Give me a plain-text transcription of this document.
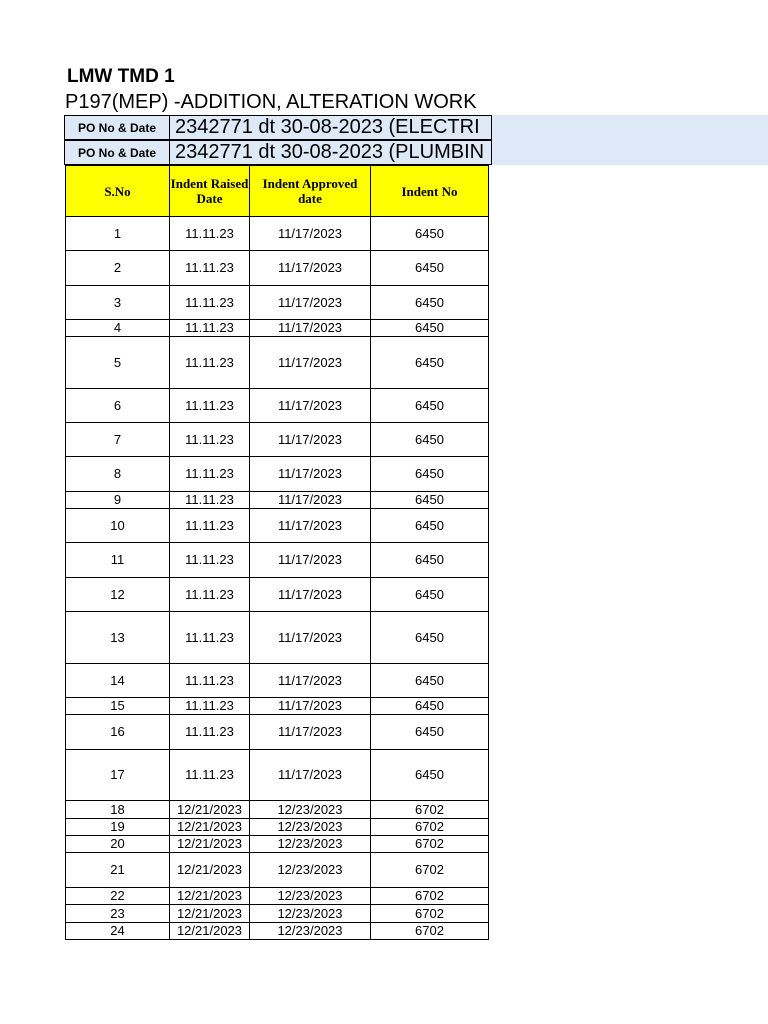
LMW TMD 1
P197(MEP) -ADDITION, ALTERATION WORK
PO No & Date 2342771 dt 30-08-2023 (ELECTRI
PO No & Date 2342771 dt 30-08-2023 (PLUMBIN
S.No	Indent Raised Date	Indent Approved date	Indent No
1	11.11.23	11/17/2023	6450
2	11.11.23	11/17/2023	6450
3	11.11.23	11/17/2023	6450
4	11.11.23	11/17/2023	6450
5	11.11.23	11/17/2023	6450
6	11.11.23	11/17/2023	6450
7	11.11.23	11/17/2023	6450
8	11.11.23	11/17/2023	6450
9	11.11.23	11/17/2023	6450
10	11.11.23	11/17/2023	6450
11	11.11.23	11/17/2023	6450
12	11.11.23	11/17/2023	6450
13	11.11.23	11/17/2023	6450
14	11.11.23	11/17/2023	6450
15	11.11.23	11/17/2023	6450
16	11.11.23	11/17/2023	6450
17	11.11.23	11/17/2023	6450
18	12/21/2023	12/23/2023	6702
19	12/21/2023	12/23/2023	6702
20	12/21/2023	12/23/2023	6702
21	12/21/2023	12/23/2023	6702
22	12/21/2023	12/23/2023	6702
23	12/21/2023	12/23/2023	6702
24	12/21/2023	12/23/2023	6702
